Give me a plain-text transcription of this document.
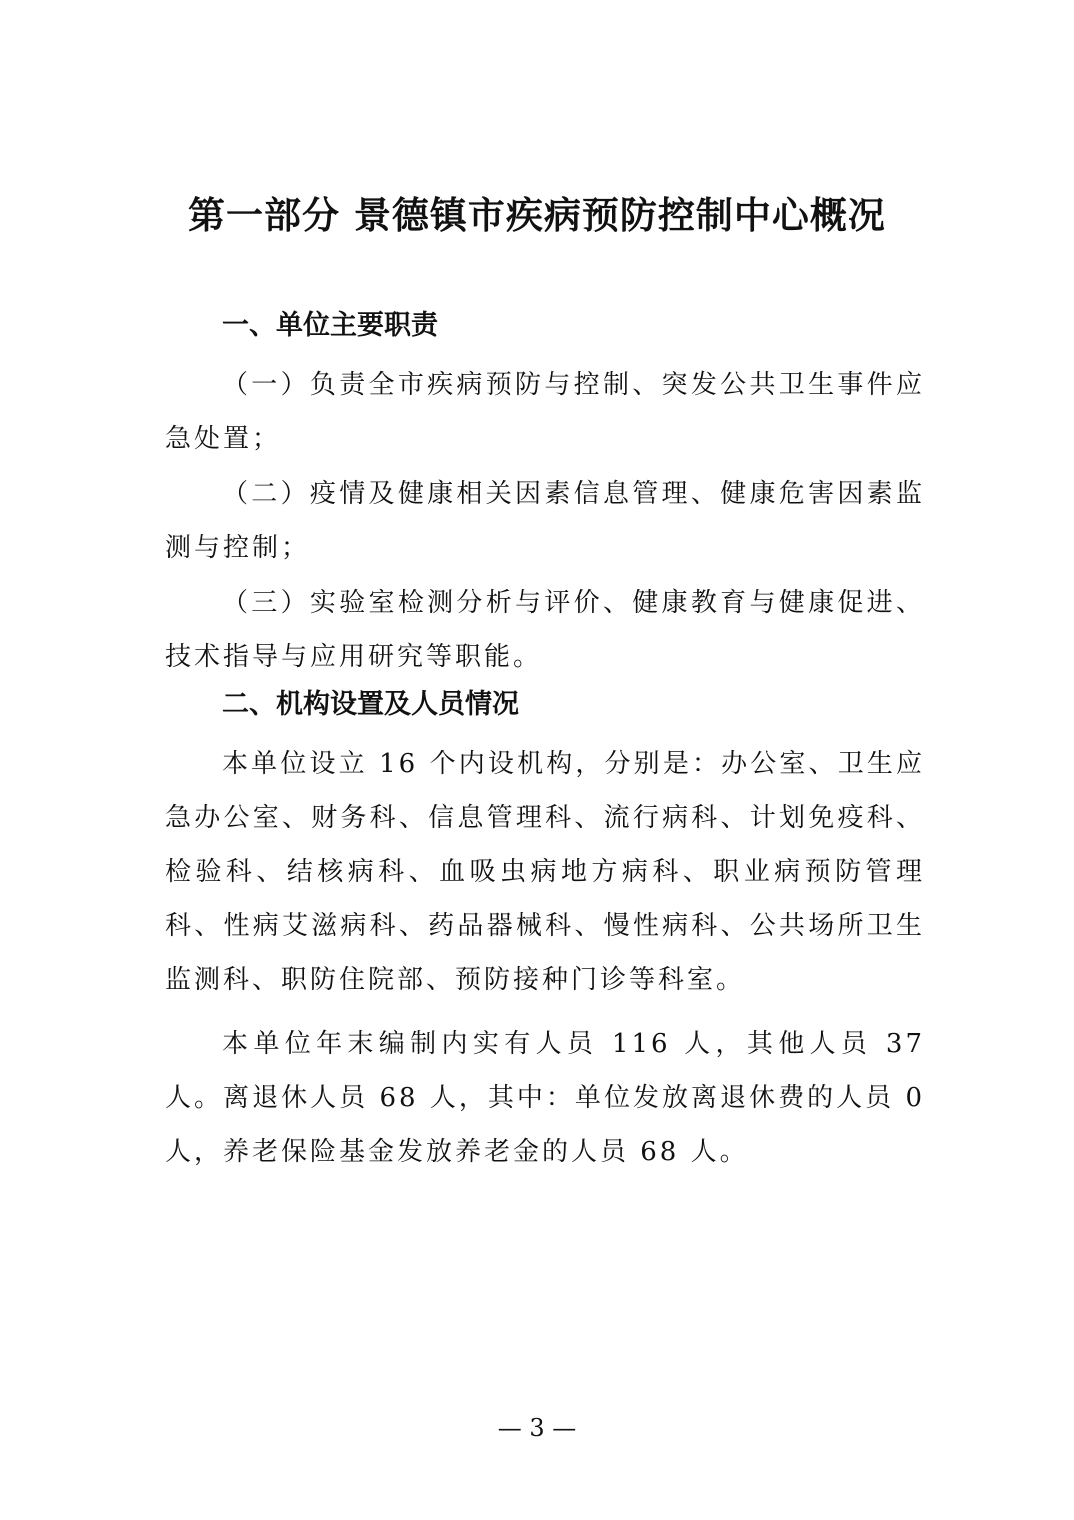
第一部分 景德镇市疾病预防控制中心概况
一、单位主要职责

（一）负责全市疾病预防与控制、突发公共卫生事件应急处置；

（二）疫情及健康相关因素信息管理、健康危害因素监测与控制；

（三）实验室检测分析与评价、健康教育与健康促进、技术指导与应用研究等职能。

二、机构设置及人员情况

本单位设立 16 个内设机构，分别是：办公室、卫生应急办公室、财务科、信息管理科、流行病科、计划免疫科、检验科、结核病科、血吸虫病地方病科、职业病预防管理科、性病艾滋病科、药品器械科、慢性病科、公共场所卫生监测科、职防住院部、预防接种门诊等科室。

本单位年末编制内实有人员 116 人，其他人员 37 人。离退休人员 68 人，其中：单位发放离退休费的人员 0 人，养老保险基金发放养老金的人员 68 人。

— 3 —
